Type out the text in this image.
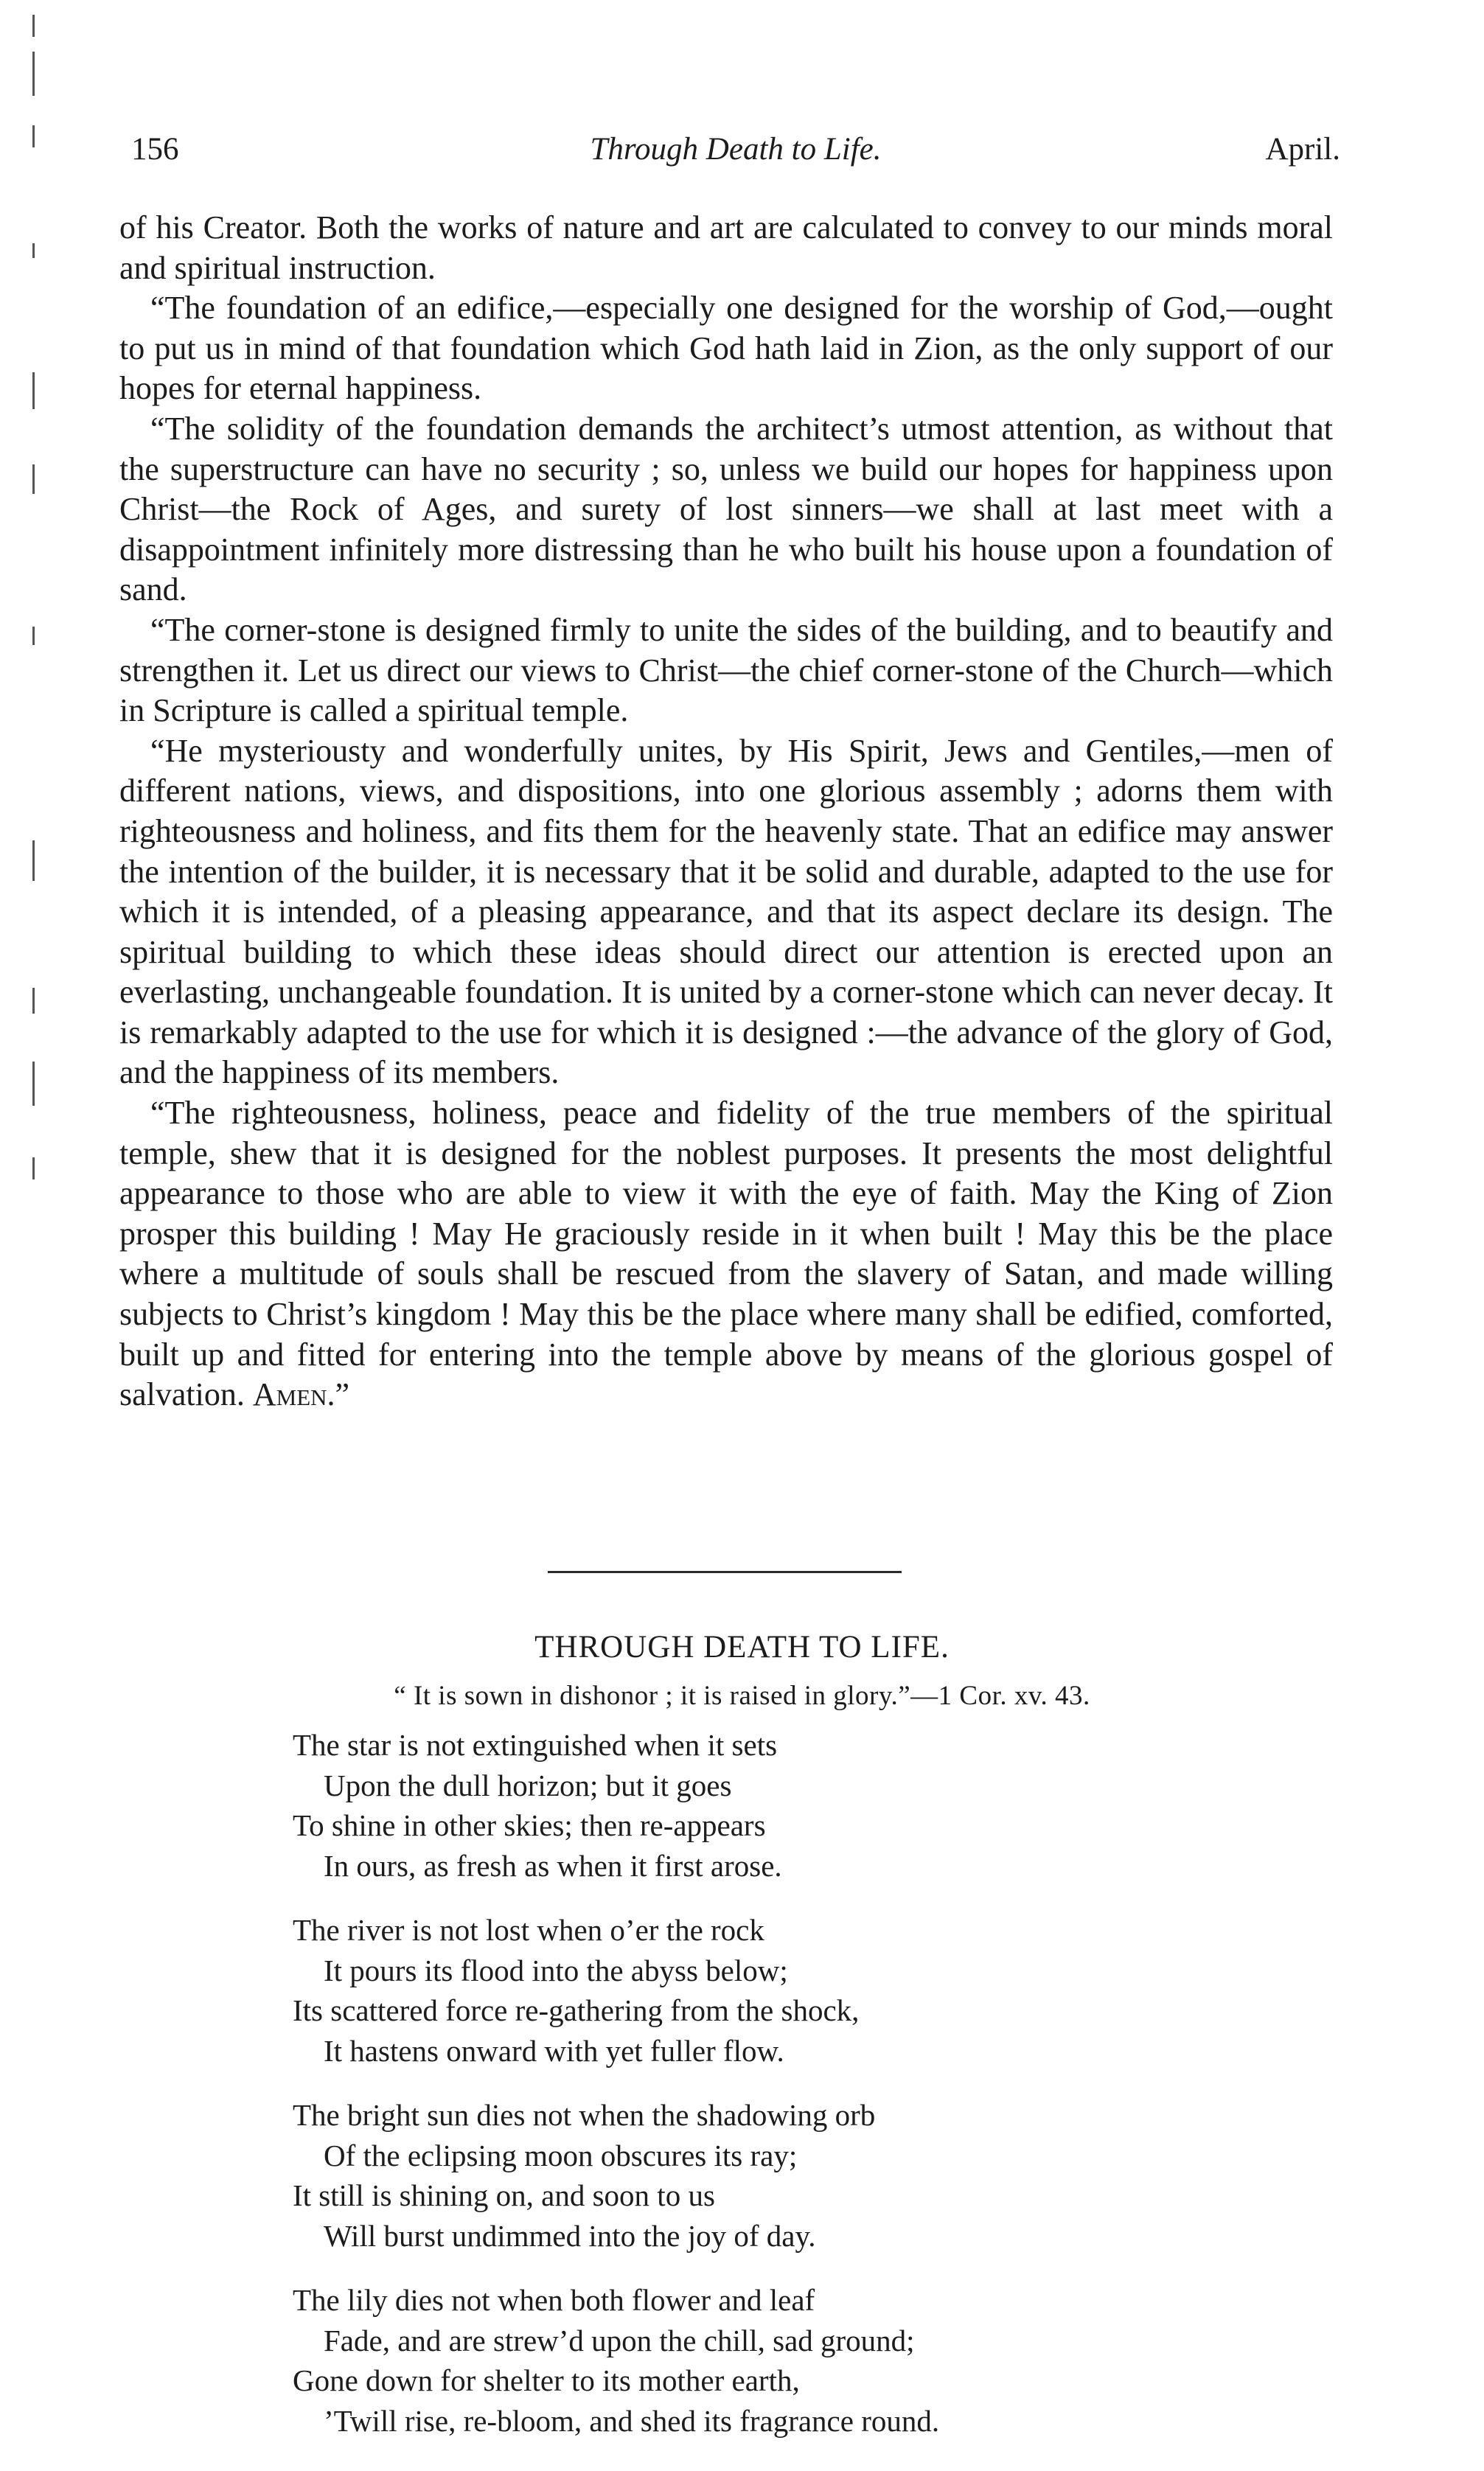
156	Through Death to Life.	April.

of his Creator. Both the works of nature and art are calculated to convey to our minds moral and spiritual instruction.

“The foundation of an edifice,—especially one designed for the worship of God,—ought to put us in mind of that foundation which God hath laid in Zion, as the only support of our hopes for eternal happiness.

“The solidity of the foundation demands the architect’s utmost attention, as without that the superstructure can have no security ; so, unless we build our hopes for happiness upon Christ—the Rock of Ages, and surety of lost sinners—we shall at last meet with a disappointment infinitely more distressing than he who built his house upon a foundation of sand.

“The corner-stone is designed firmly to unite the sides of the building, and to beautify and strengthen it. Let us direct our views to Christ—the chief corner-stone of the Church—which in Scripture is called a spiritual temple.

“He mysteriousty and wonderfully unites, by His Spirit, Jews and Gentiles,—men of different nations, views, and dispositions, into one glorious assembly ; adorns them with righteousness and holiness, and fits them for the heavenly state. That an edifice may answer the intention of the builder, it is necessary that it be solid and durable, adapted to the use for which it is intended, of a pleasing appearance, and that its aspect declare its design. The spiritual building to which these ideas should direct our attention is erected upon an everlasting, unchangeable foundation. It is united by a corner-stone which can never decay. It is remarkably adapted to the use for which it is designed :—the advance of the glory of God, and the happiness of its members.

“The righteousness, holiness, peace and fidelity of the true members of the spiritual temple, shew that it is designed for the noblest purposes. It presents the most delightful appearance to those who are able to view it with the eye of faith. May the King of Zion prosper this building ! May He graciously reside in it when built ! May this be the place where a multitude of souls shall be rescued from the slavery of Satan, and made willing subjects to Christ’s kingdom ! May this be the place where many shall be edified, comforted, built up and fitted for entering into the temple above by means of the glorious gospel of salvation. Amen.”

THROUGH DEATH TO LIFE.
“ It is sown in dishonor ; it is raised in glory.”—1 Cor. xv. 43.
The star is not extinguished when it sets
Upon the dull horizon; but it goes
To shine in other skies; then re-appears
In ours, as fresh as when it first arose.
The river is not lost when o’er the rock
It pours its flood into the abyss below;
Its scattered force re-gathering from the shock,
It hastens onward with yet fuller flow.
The bright sun dies not when the shadowing orb
Of the eclipsing moon obscures its ray;
It still is shining on, and soon to us
Will burst undimmed into the joy of day.
The lily dies not when both flower and leaf
Fade, and are strew’d upon the chill, sad ground;
Gone down for shelter to its mother earth,
’Twill rise, re-bloom, and shed its fragrance round.
